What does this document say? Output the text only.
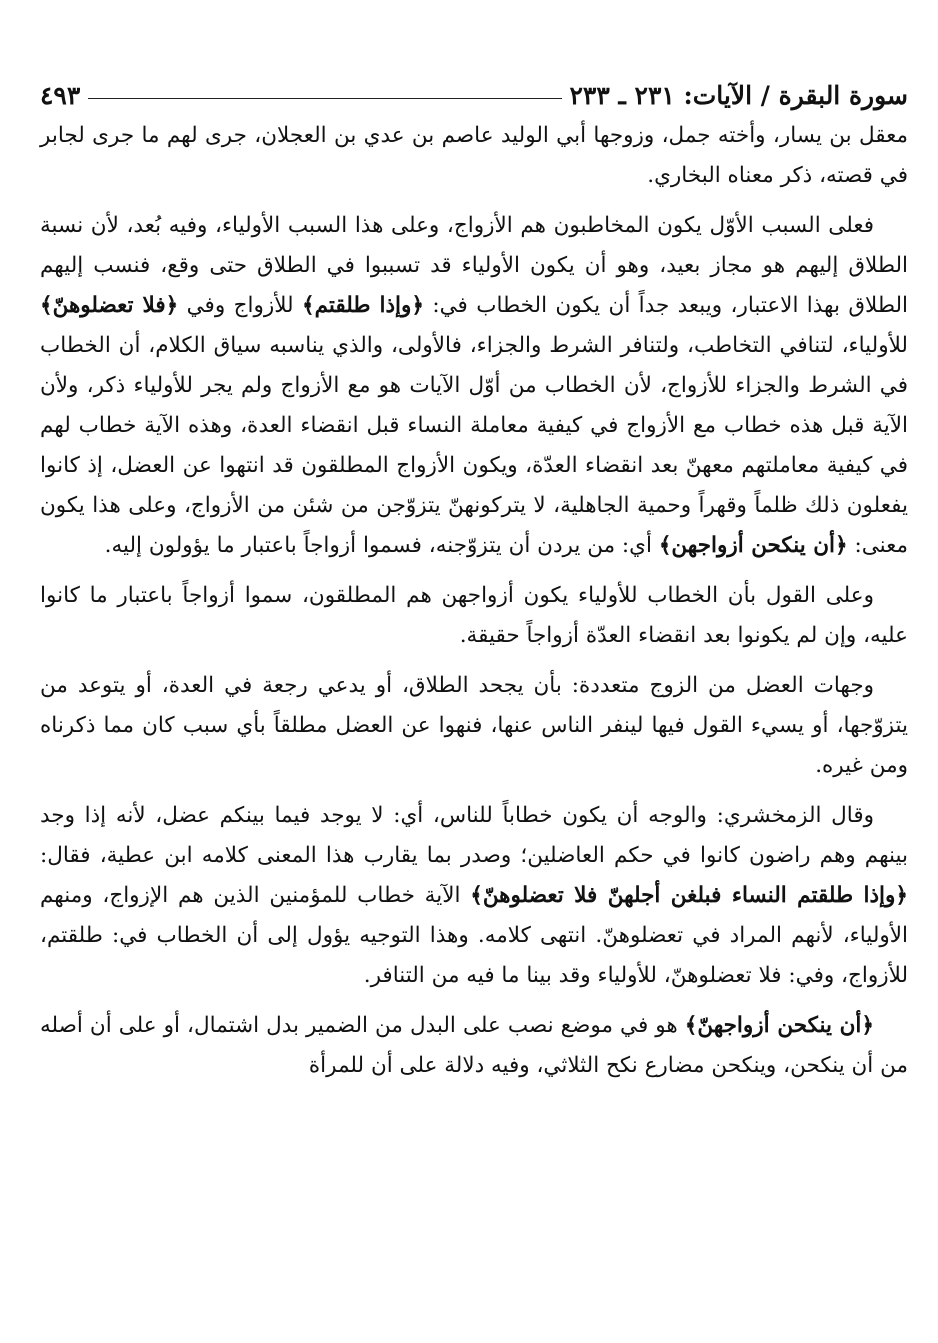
سورة البقرة / الآيات: ٢٣١ ـ ٢٣٣
٤٩٣

معقل بن يسار، وأخته جمل، وزوجها أبي الوليد عاصم بن عدي بن العجلان، جرى لهم ما جرى لجابر في قصته، ذكر معناه البخاري.

فعلى السبب الأوّل يكون المخاطبون هم الأزواج، وعلى هذا السبب الأولياء، وفيه بُعد، لأن نسبة الطلاق إليهم هو مجاز بعيد، وهو أن يكون الأولياء قد تسببوا في الطلاق حتى وقع، فنسب إليهم الطلاق بهذا الاعتبار، ويبعد جداً أن يكون الخطاب في: ﴿وإذا طلقتم﴾ للأزواج وفي ﴿فلا تعضلوهنّ﴾ للأولياء، لتنافي التخاطب، ولتنافر الشرط والجزاء، فالأولى، والذي يناسبه سياق الكلام، أن الخطاب في الشرط والجزاء للأزواج، لأن الخطاب من أوّل الآيات هو مع الأزواج ولم يجر للأولياء ذكر، ولأن الآية قبل هذه خطاب مع الأزواج في كيفية معاملة النساء قبل انقضاء العدة، وهذه الآية خطاب لهم في كيفية معاملتهم معهنّ بعد انقضاء العدّة، ويكون الأزواج المطلقون قد انتهوا عن العضل، إذ كانوا يفعلون ذلك ظلماً وقهراً وحمية الجاهلية، لا يتركونهنّ يتزوّجن من شئن من الأزواج، وعلى هذا يكون معنى: ﴿أن ينكحن أزواجهن﴾ أي: من يردن أن يتزوّجنه، فسموا أزواجاً باعتبار ما يؤولون إليه.

وعلى القول بأن الخطاب للأولياء يكون أزواجهن هم المطلقون، سموا أزواجاً باعتبار ما كانوا عليه، وإن لم يكونوا بعد انقضاء العدّة أزواجاً حقيقة.

وجهات العضل من الزوج متعددة: بأن يجحد الطلاق، أو يدعي رجعة في العدة، أو يتوعد من يتزوّجها، أو يسيء القول فيها لينفر الناس عنها، فنهوا عن العضل مطلقاً بأي سبب كان مما ذكرناه ومن غيره.

وقال الزمخشري: والوجه أن يكون خطاباً للناس، أي: لا يوجد فيما بينكم عضل، لأنه إذا وجد بينهم وهم راضون كانوا في حكم العاضلين؛ وصدر بما يقارب هذا المعنى كلامه ابن عطية، فقال: ﴿وإذا طلقتم النساء فبلغن أجلهنّ فلا تعضلوهنّ﴾ الآية خطاب للمؤمنين الذين هم الإزواج، ومنهم الأولياء، لأنهم المراد في تعضلوهنّ. انتهى كلامه. وهذا التوجيه يؤول إلى أن الخطاب في: طلقتم، للأزواج، وفي: فلا تعضلوهنّ، للأولياء وقد بينا ما فيه من التنافر.

﴿أن ينكحن أزواجهنّ﴾ هو في موضع نصب على البدل من الضمير بدل اشتمال، أو على أن أصله من أن ينكحن، وينكحن مضارع نكح الثلاثي، وفيه دلالة على أن للمرأة
